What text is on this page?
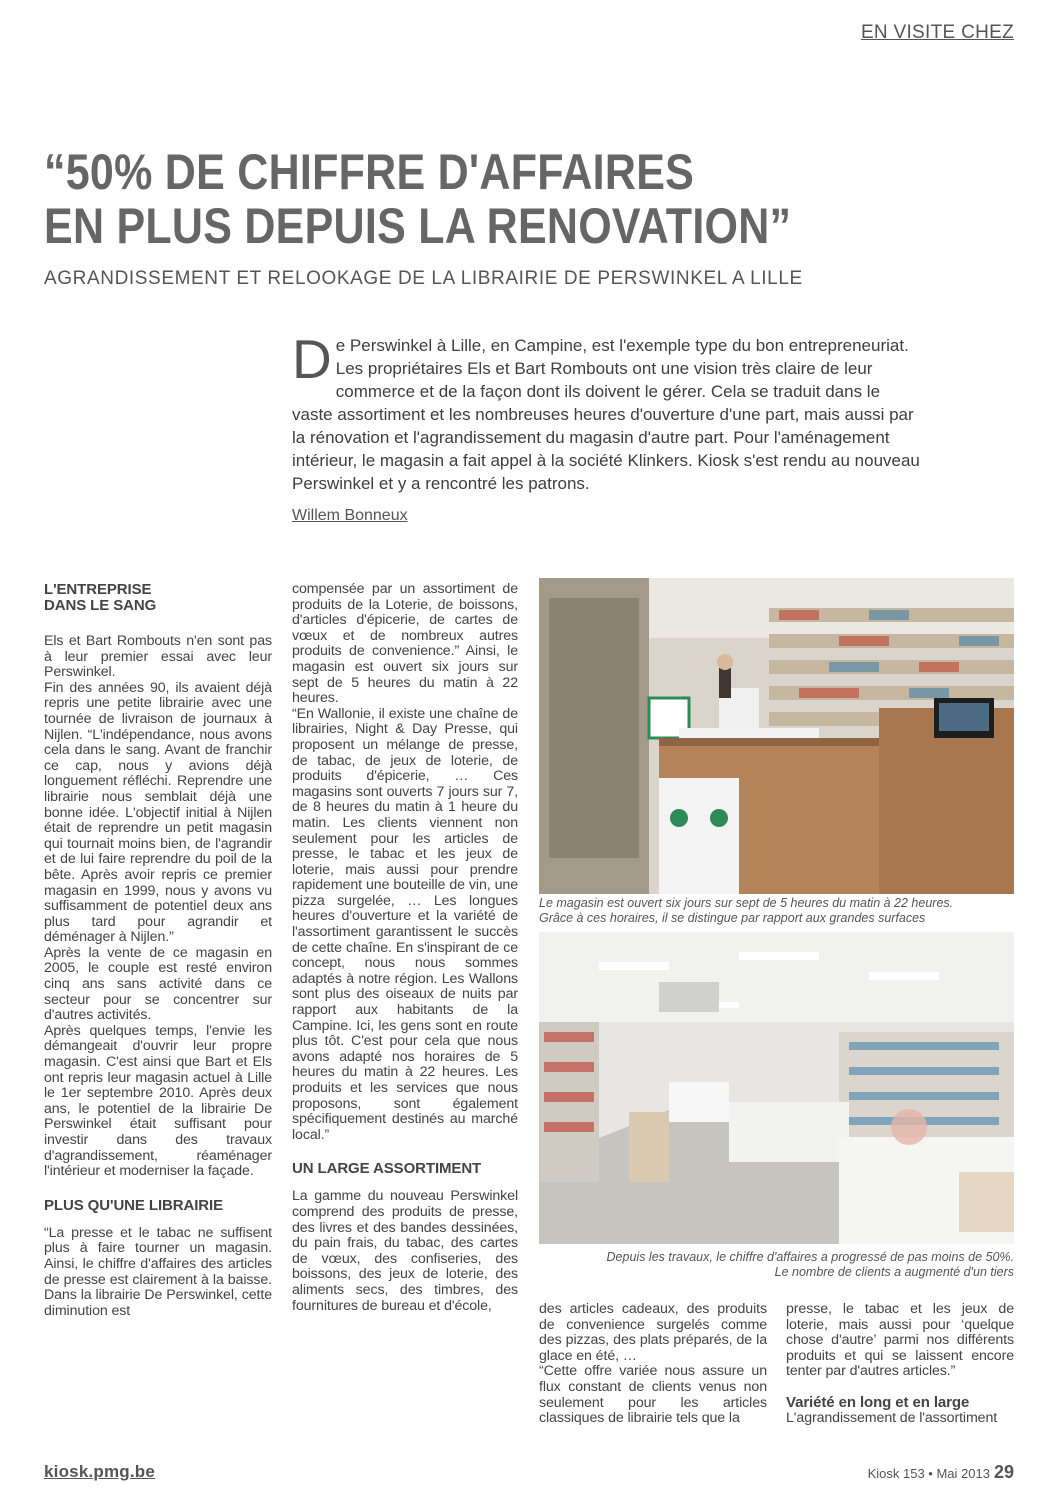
EN VISITE CHEZ
“50% DE CHIFFRE D'AFFAIRES
EN PLUS DEPUIS LA RENOVATION”
AGRANDISSEMENT ET RELOOKAGE DE LA LIBRAIRIE DE PERSWINKEL A LILLE
De Perswinkel à Lille, en Campine, est l'exemple type du bon entrepreneuriat. Les propriétaires Els et Bart Rombouts ont une vision très claire de leur commerce et de la façon dont ils doivent le gérer. Cela se traduit dans le vaste assortiment et les nombreuses heures d'ouverture d'une part, mais aussi par la rénovation et l'agrandissement du magasin d'autre part. Pour l'aménagement intérieur, le magasin a fait appel à la société Klinkers. Kiosk s'est rendu au nouveau Perswinkel et y a rencontré les patrons.
Willem Bonneux
L'ENTREPRISE DANS LE SANG

Els et Bart Rombouts n'en sont pas à leur premier essai avec leur Perswinkel.

Fin des années 90, ils avaient déjà repris une petite librairie avec une tournée de livraison de journaux à Nijlen. “L'indépendance, nous avons cela dans le sang. Avant de franchir ce cap, nous y avions déjà longuement réfléchi. Reprendre une librairie nous semblait déjà une bonne idée. L'objectif initial à Nijlen était de reprendre un petit magasin qui tournait moins bien, de l'agrandir et de lui faire reprendre du poil de la bête. Après avoir repris ce premier magasin en 1999, nous y avons vu suffisamment de potentiel deux ans plus tard pour agrandir et déménager à Nijlen.”

Après la vente de ce magasin en 2005, le couple est resté environ cinq ans sans activité dans ce secteur pour se concentrer sur d'autres activités.

Après quelques temps, l'envie les démangeait d'ouvrir leur propre magasin. C'est ainsi que Bart et Els ont repris leur magasin actuel à Lille le 1er septembre 2010. Après deux ans, le potentiel de la librairie De Perswinkel était suffisant pour investir dans des travaux d'agrandissement, réaménager l'intérieur et moderniser la façade.

PLUS QU'UNE LIBRAIRIE

“La presse et le tabac ne suffisent plus à faire tourner un magasin. Ainsi, le chiffre d'affaires des articles de presse est clairement à la baisse. Dans la librairie De Perswinkel, cette diminution est

compensée par un assortiment de produits de la Loterie, de boissons, d'articles d'épicerie, de cartes de vœux et de nombreux autres produits de convenience.” Ainsi, le magasin est ouvert six jours sur sept de 5 heures du matin à 22 heures.

“En Wallonie, il existe une chaîne de librairies, Night & Day Presse, qui proposent un mélange de presse, de tabac, de jeux de loterie, de produits d'épicerie, … Ces magasins sont ouverts 7 jours sur 7, de 8 heures du matin à 1 heure du matin. Les clients viennent non seulement pour les articles de presse, le tabac et les jeux de loterie, mais aussi pour prendre rapidement une bouteille de vin, une pizza surgelée, … Les longues heures d'ouverture et la variété de l'assortiment garantissent le succès de cette chaîne. En s'inspirant de ce concept, nous nous sommes adaptés à notre région. Les Wallons sont plus des oiseaux de nuits par rapport aux habitants de la Campine. Ici, les gens sont en route plus tôt. C'est pour cela que nous avons adapté nos horaires de 5 heures du matin à 22 heures. Les produits et les services que nous proposons, sont également spécifiquement destinés au marché local.”

UN LARGE ASSORTIMENT

La gamme du nouveau Perswinkel comprend des produits de presse, des livres et des bandes dessinées, du pain frais, du tabac, des cartes de vœux, des confiseries, des boissons, des jeux de loterie, des aliments secs, des timbres, des fournitures de bureau et d'école,

Le magasin est ouvert six jours sur sept de 5 heures du matin à 22 heures.
Grâce à ces horaires, il se distingue par rapport aux grandes surfaces
Depuis les travaux, le chiffre d'affaires a progressé de pas moins de 50%.
Le nombre de clients a augmenté d'un tiers

des articles cadeaux, des produits de convenience surgelés comme des pizzas, des plats préparés, de la glace en été, …

“Cette offre variée nous assure un flux constant de clients venus non seulement pour les articles classiques de librairie tels que la

presse, le tabac et les jeux de loterie, mais aussi pour ‘quelque chose d'autre’ parmi nos différents produits et qui se laissent encore tenter par d'autres articles.”

Variété en long et en large

L'agrandissement de l'assortiment

kiosk.pmg.be	Kiosk 153 • Mai 2013 29
